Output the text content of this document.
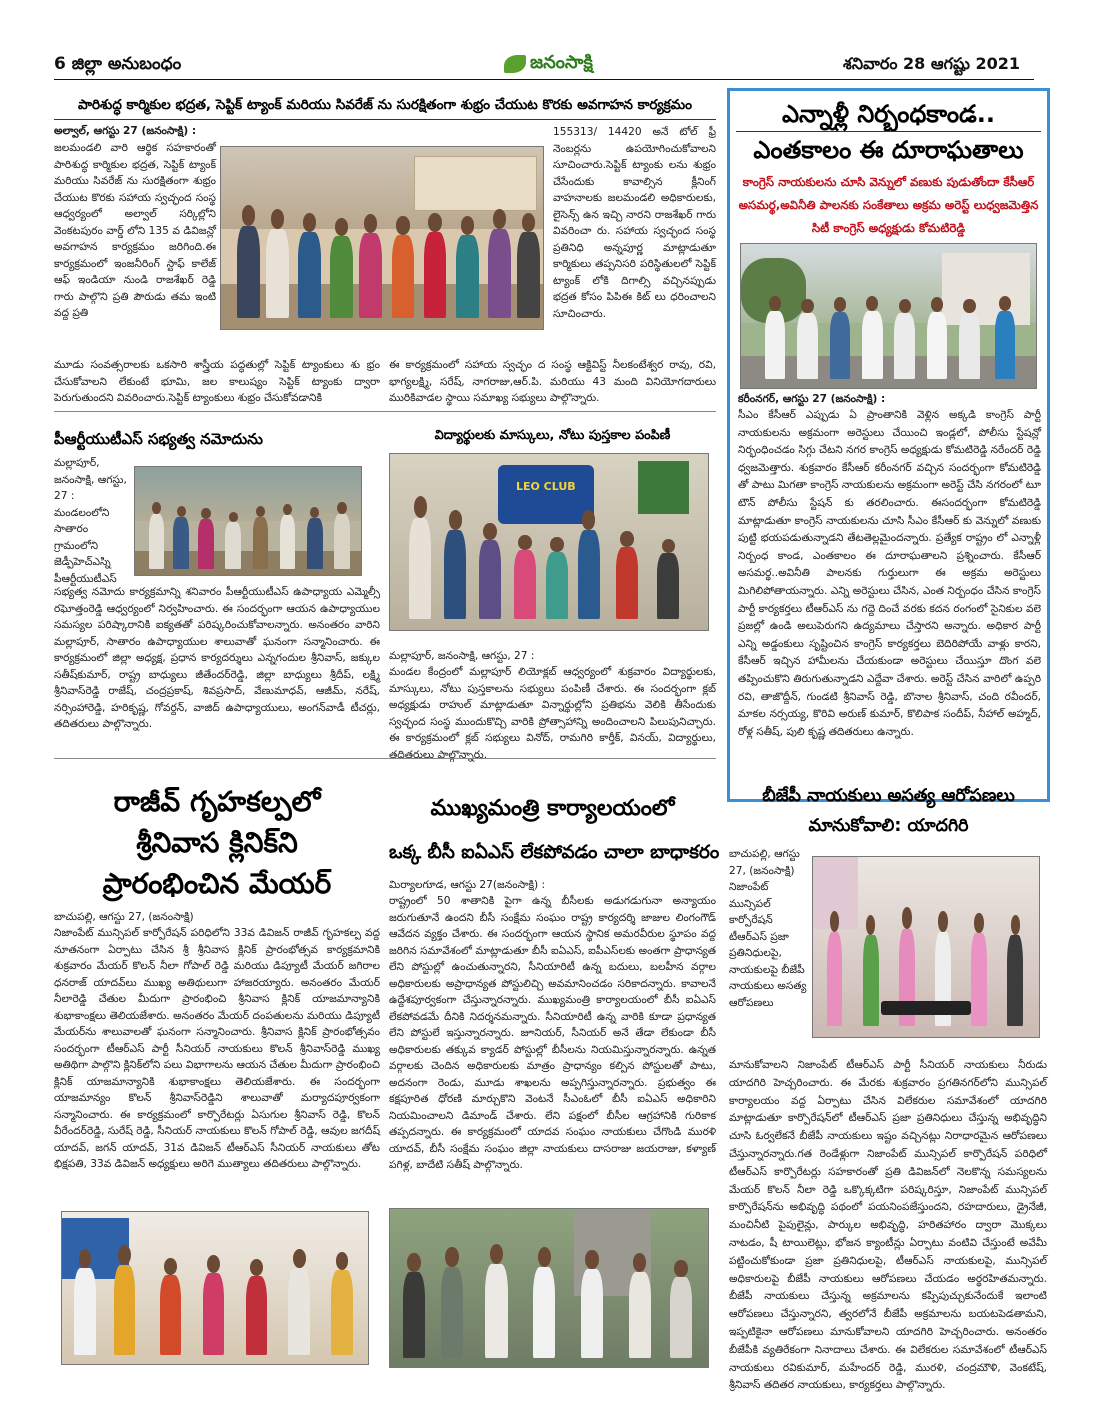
6 జిల్లా అనుబంధం	జనంసాక్షి	శనివారం 28 ఆగష్టు 2021
పారిశుద్ధ కార్మికుల భద్రత, సెప్టిక్ ట్యాంక్ మరియు సివరేజ్ ను సురక్షితంగా శుభ్రం చేయుట కొరకు అవగాహన కార్యక్రమం
అల్వాల్, ఆగస్టు 27 (జనంసాక్షి) :
జలమండలి వారి ఆర్థిక సహకారంతో పారిశుద్ధ కార్మికుల భద్రత, సెప్టిక్ ట్యాంక్ మరియు సివరేజ్ ను సురక్షితంగా శుభ్రం చేయుట కొరకు సహాయ స్వచ్ఛంద సంస్థ ఆధ్వర్యంలో అల్వాల్ సర్కిల్లోని వెంకటపురం వార్డ్ లోని 135 వ డివిజన్లో అవగాహన కార్యక్రమం జరిగింది.ఈ కార్యక్రమంలో ఇంజనీరింగ్ స్టాఫ్ కాలేజ్ ఆఫ్ ఇండియా నుండి రాజశేఖర్ రెడ్డి గారు పాల్గొని ప్రతి పౌరుడు తమ ఇంటి వద్ద ప్రతి
155313/ 14420 అనే టోల్ ఫ్రీ నెంబర్లను ఉపయోగించుకోవాలని సూచించారు.సెప్టిక్ ట్యాంకు లను శుభ్రం చేసేందుకు కావాల్సిన క్లీనింగ్ వాహనాలకు జలమండలి అధికారులకు, లైసెన్స్ ఉన ఇచ్చి నారని రాజశేఖర్ గారు వివరించా రు. సహాయ స్వచ్ఛంద సంస్థ ప్రతినిధి అన్నపూర్ణ మాట్లాడుతూ కార్మికులు తప్పనిసరి పరిస్థితులలో సెప్టిక్ ట్యాంక్ లోకి దిగాల్సి వచ్చినప్పుడు భద్రత కోసం పిపిఈ కిట్ లు ధరించాలని సూచించారు.
మూడు సంవత్సరాలకు ఒకసారి శాస్త్రీయ పద్ధతుల్లో సెప్టిక్ ట్యాంకులు శు భ్రం చేసుకోవాలని లేకుంటే భూమి, జల కాలుష్యం సెప్టిక్ ట్యాంకు ద్వారా పెరుగుతుందని వివరించారు.సెప్టిక్ ట్యాంకులు శుభ్రం చేసుకోవడానికి
ఈ కార్యక్రమంలో సహాయ స్వచ్ఛం ద సంస్థ ఆక్టివిస్ట్ నీలకంటేశ్వర రావు, రవి, భాగ్యలక్ష్మి, సరేష్, నాగరాజు,ఆర్.పి. మరియు 43 మంది వినియోగదారులు మురికివాడల స్థాయి సమాఖ్య సభ్యులు పాల్గొన్నారు.
పీఆర్టీయుటీఎస్ సభ్యత్వ నమోదును
మల్లాపూర్, జనంసాక్షి, ఆగస్టు, 27 : మండలంలోని సాతారం గ్రామంలోని జెడ్పీహెచ్ఎస్ని పీఆర్టీయుటీఎస్
సభ్యత్వ నమోదు కార్యక్రమాన్ని శనివారం పీఆర్టీయుటీఎస్ ఉపాధ్యాయ ఎమ్మెల్సీ రఘోత్తంరెడ్డి ఆధ్వర్యంలో నిర్వహించారు. ఈ సందర్భంగా ఆయన ఉపాధ్యాయుల సమస్యల పరిష్కారానికి ఐక్యతతో పరిష్కరించుకోవాలన్నారు. అనంతరం వారిని మల్లాపూర్, సాతారం ఉపాధ్యాయుల శాలువాతో ఘనంగా సన్మానించారు. ఈ కార్యక్రమంలో జిల్లా అధ్యక్ష, ప్రధాన కార్యదర్శులు ఎన్నగందుల శ్రీనివాస్, జక్కుల సతీష్‌కుమార్, రాష్ట్ర బాధ్యులు జీతేందర్‌రెడ్డి, జిల్లా బాధ్యులు శ్రీదీప్, లక్ష్మి శ్రీనివాస్‌రెడ్డి రాజేష్, చంద్రప్రకాష్, శివప్రసాద్, వేణుమాధవ్, ఆజీమ్, నరేష్, నర్సింహారెడ్డి, హరికృష్ణ, గోవర్దన్, వాజిద్ ఉపాధ్యాయులు, అంగన్‌వాడీ టీచర్లు, తదితరులు పాల్గొన్నారు.
విద్యార్థులకు మాస్కులు, నోటు పుస్తకాల పంపిణీ
LEO CLUB
మల్లాపూర్, జనంసాక్షి, ఆగస్టు, 27 :
మండల కేంద్రంలో మల్లాపూర్ లియోక్లబ్ ఆధ్వర్యంలో శుక్రవారం విద్యార్థులకు, మాస్కులు, నోటు పుస్తకాలను సభ్యులు పంపిణీ చేశారు. ఈ సందర్భంగా క్లబ్ అధ్యక్షుడు రాహుల్ మాట్లాడుతూ విన్నార్థుల్లోని ప్రతిభను వెలికి తీసేందుకు స్వచ్ఛంద సంస్థ ముందుకొచ్చి వారికి ప్రోత్సాహాన్ని అందించాలని పిలుపునిచ్చారు. ఈ కార్యక్రమంలో క్లబ్ సభ్యులు వినోద్, రామగిరి కార్తీక్, వినయ్, విద్యార్థులు, తదితరులు పాల్గొన్నారు.
ఎన్నాళ్లీ నిర్బంధకాండ..
ఎంతకాలం ఈ దూరాఘతాలు
కాంగ్రెస్ నాయకులను చూసి వెన్నులో వణుకు పుడుతోందా కేసీఆర్
అసమర్థ,అవినీతి పాలనకు సంకేతాలు అక్రమ అరెస్ట్ లుధ్వజమెత్తిన
సిటీ కాంగ్రెస్ అధ్యక్షుడు కోమటిరెడ్డి
కరీంనగర్, ఆగస్టు 27 (జనంసాక్షి) :
సీఎం కేసీఆర్ ఎప్పుడు ఏ ప్రాంతానికి వెళ్లిన అక్కడి కాంగ్రెస్ పార్టీ నాయకులను అక్రమంగా అరెస్టులు చేయించి ఇండ్లలో, పోలీసు స్టేషన్లో నిర్భంధించడం సిగ్గు చేటని నగర కాంగ్రెస్ అధ్యక్షుడు కోమటిరెడ్డి నరేందర్ రెడ్డి ధ్వజమెత్తారు. శుక్రవారం కేసీఆర్ కరీంనగర్ వచ్చిన సందర్భంగా కోమటిరెడ్డి తో పాటు మిగతా కాంగ్రెస్ నాయకులను అక్రమంగా అరెస్ట్ చేసి నగరంలో టూ టౌన్ పోలీసు స్టేషన్ కు తరలించారు. ఈసందర్భంగా కోమటిరెడ్డి మాట్లాడుతూ కాంగ్రెస్ నాయకులను చూసి సీఎం కేసీఆర్ కు వెన్నులో వణుకు పుట్టి భయపడుతున్నాడని తేటతెల్లమైందన్నారు. ప్రత్యేక రాష్ట్రం లో ఎన్నాళ్లీ నిర్బంధ కాండ, ఎంతకాలం ఈ దూరాఘతాలని ప్రశ్నించారు. కేసీఆర్ అసమర్థ..అవినీతి పాలనకు గుర్తులుగా ఈ అక్రమ అరెస్టులు మిగిలిపోతాయన్నారు. ఎన్ని అరెస్టులు చేసిన, ఎంత నిర్బంధం చేసిన కాంగ్రెస్ పార్టీ కార్యకర్తలు టీఆర్ఎస్ ను గద్దె దించే వరకు కదన రంగంలో సైనికుల వలె ప్రజల్లో ఉండి అలుపెరుగని ఉద్యమాలు చేస్తారని అన్నారు. అధికార పార్టీ ఎన్ని అడ్డంకులు సృష్టించిన కాంగ్రెస్ కార్యకర్తలు బెదిరిపోయే వాళ్లు కారని, కేసీఆర్ ఇచ్చిన హామీలను చేయకుండా అరెస్టులు చేయిస్తూ దొంగ వలె తప్పించుకొని తిరుగుతున్నాడని ఎద్దేవా చేశారు. అరెస్ట్ చేసిన వారిలో ఉప్పరి రవి, తాజొద్దీన్, గుండటి శ్రీనివాస్ రెడ్డి, బొనాల శ్రీనివాస్, చంది రవీందర్, మాకల నర్సయ్య, కొరివి అరుణ్ కుమార్, కొలిపాక సందీప్, నీహాల్ అహ్మద్, రోళ్ల సతీష్, పులి కృష్ణ తదితరులు ఉన్నారు.
రాజీవ్ గృహకల్పలో
శ్రీనివాస క్లినిక్‌ని
ప్రారంభించిన మేయర్
బాచుపల్లి, ఆగస్టు 27, (జనంసాక్షి)
నిజాంపేట్ మున్సిపల్ కార్పోరేషన్ పరిధిలోని 33వ డివిజన్ రాజీవ్ గృహకల్ప వద్ద నూతనంగా ఏర్పాటు చేసిన శ్రీ శ్రీనివాస క్లినిక్ ప్రారంభోత్సవ కార్యక్రమానికి శుక్రవారం మేయర్ కొలన్ నీలా గోపాల్ రెడ్డి మరియు డిప్యూటీ మేయర్ జగిరాల ధనరాజ్ యాదవ్‌లు ముఖ్య అతిథులుగా హాజరయ్యారు. అనంతరం మేయర్ నీలారెడ్డి చేతుల మీదుగా ప్రారంభించి శ్రీనివాస క్లినిక్ యాజమాన్యానికి శుభాకాంక్షలు తెలియజేశారు. అనంతరం మేయర్ దంపతులను మరియు డిప్యూటీ మేయర్‌ను శాలువాలతో ఘనంగా సన్మానించారు. శ్రీనివాస క్లినిక్ ప్రారంభోత్సవం సందర్భంగా టీఆర్ఎస్ పార్టీ సీనియర్ నాయకులు కొలన్ శ్రీనివాస్‌రెడ్డి ముఖ్య అతిథిగా పాల్గొని క్లినిక్‌లోని పలు విభాగాలను ఆయన చేతుల మీదుగా ప్రారంభించి క్లినిక్ యాజమాన్యానికి శుభాకాంక్షలు తెలియజేశారు. ఈ సందర్భంగా యాజమాన్యం కొలన్ శ్రీనివాస్‌రెడ్డిని శాలువాతో మర్యాదపూర్వకంగా సన్మానించారు. ఈ కార్యక్రమంలో కార్పొరేటర్లు ఏసుగుల శ్రీనివాస్ రెడ్డి, కొలన్ వీరేందర్‌రెడ్డి, సురేష్ రెడ్డి, సీనియర్ నాయకులు కొలన్ గోపాల్ రెడ్డి, ఆవుల జగదీష్ యాదవ్, జగన్ యాదవ్, 31వ డివిజన్ టీఆర్ఎస్ సీనియర్ నాయకులు తోట భిక్షపతి, 33వ డివిజన్ అధ్యక్షులు అరిగె ముత్యాలు తదితరులు పాల్గొన్నారు.
ముఖ్యమంత్రి కార్యాలయంలో
ఒక్క బీసీ ఐఏఎస్ లేకపోవడం చాలా బాధాకరం
మిర్యాలగూడ, ఆగస్టు 27(జనంసాక్షి) :
రాష్ట్రంలో 50 శాతానికి పైగా ఉన్న బీసీలకు అడుగడుగునా అన్యాయం జరుగుతూనే ఉందని బీసీ సంక్షేమ సంఘం రాష్ట్ర కార్యదర్శి జాజుల లింగంగౌడ్ ఆవేదన వ్యక్తం చేశారు. ఈ సందర్భంగా ఆయన స్థానిక అమరవీరుల స్థూపం వద్ద జరిగిన సమావేశంలో మాట్లాడుతూ బీసీ ఐఏఎస్, ఐపీఎస్‌లకు అంతగా ప్రాధాన్యత లేని పోస్టుల్లో ఉంచుతున్నారని, సీనియారిటీ ఉన్న బదులు, బలహీన వర్గాల అధికారులకు అప్రాధాన్యత పోస్టులిచ్చి అవమానించడం సరికాదన్నారు. కావాలనే ఉద్దేశపూర్వకంగా చేస్తున్నారన్నారు. ముఖ్యమంత్రి కార్యాలయంలో బీసీ ఐఏఎస్ లేకపోవడమే దీనికి నిదర్శనమన్నారు. సీనియారిటీ ఉన్న వారికి కూడా ప్రధాన్యత లేని పోస్టులే ఇస్తున్నారన్నారు. జూనియర్, సీనియర్ అనే తేడా లేకుండా బీసీ అధికారులకు తక్కువ క్యాడర్ పోస్టుల్లో బీసీలను నియమిస్తున్నారన్నారు. ఉన్నత వర్గాలకు చెందిన అధికారులకు మాత్రం ప్రాధాన్యం కల్పిన పోస్టులతో పాటు, అదనంగా రెండు, మూడు శాఖలను అప్పగిస్తున్నారన్నారు. ప్రభుత్వం ఈ కక్షపూరిత ధోరణి మార్చుకొని వెంటనే సీఎంఓలో బీసీ ఐఏఎస్ అధికారిని నియమించాలని డిమాండ్ చేశారు. లేని పక్షంలో బీసీల ఆగ్రహానికి గురికాక తప్పదన్నారు. ఈ కార్యక్రమంలో యాదవ సంఘం నాయకులు చేగొండి మురళి యాదవ్, బీసీ సంక్షేమ సంఘం జిల్లా నాయకులు దాసరాజు జయరాజు, కళ్యాణ్ పగిళ్ల, బాదేటి సతీష్ పాల్గొన్నారు.
బీజేపీ నాయకులు అసత్య ఆరోపణలు
మానుకోవాలి: యాదగిరి
బాచుపల్లి, ఆగస్టు 27, (జనంసాక్షి) నిజాంపేట్ మున్సిపల్ కార్పోరేషన్ టీఆర్ఎస్ ప్రజా ప్రతినిధులపై, నాయకులపై బీజేపీ నాయకులు అసత్య ఆరోపణలు
మానుకోవాలని నిజాంపేట్ టీఆర్ఎస్ పార్టీ సీనియర్ నాయకులు నీరుడు యాదగిరి హెచ్చరించారు. ఈ మేరకు శుక్రవారం ప్రగతినగర్‌లోని మున్సిపల్ కార్యాలయం వద్ద ఏర్పాటు చేసిన విలేకరుల సమావేశంలో యాదగిరి మాట్లాడుతూ కార్పొరేషన్‌లో టీఆర్ఎస్ ప్రజా ప్రతినిధులు చేస్తున్న అభివృద్ధిని చూసి ఓర్వలేకనే బీజేపీ నాయకులు ఇష్టం వచ్చినట్లు నిరాధారమైన ఆరోపణలు చేస్తున్నారన్నారు.గత రెండేళ్లుగా నిజాంపేట్ మున్సిపల్ కార్పొరేషన్ పరిధిలో టీఆర్ఎస్ కార్పొరేటర్లు సహకారంతో ప్రతి డివిజన్‌లో నెలకొన్న సమస్యలను మేయర్ కొలన్ నీలా రెడ్డి ఒక్కొక్కటిగా పరిష్కరిస్తూ, నిజాంపేట్ మున్సిపల్ కార్పొరేషన్‌ను అభివృద్ధి పథంలో పయనింపజేస్తుందని, రహదారులు, డ్రైనేజీ, మంచినీటి పైపులైన్లు, పార్కుల అభివృద్ధి, హరితహారం ద్వారా మొక్కలు నాటడం, షీ టాయిలెట్లు, భోజన క్యాంటీన్లు ఏర్పాటు వంటివి చేస్తుంటే అవేమీ పట్టించుకోకుండా ప్రజా ప్రతినిధులపై, టీఆర్ఎస్ నాయకులపై, మున్సిపల్ అధికారులపై బీజేపీ నాయకులు ఆరోపణలు చేయడం అర్థరహితమన్నారు. బీజేపీ నాయకులు చేస్తున్న అక్రమాలను కప్పిపుచ్చుకునేందుకే ఇలాంటి ఆరోపణలు చేస్తున్నారని, త్వరలోనే బీజేపీ అక్రమాలను బయటపెడతామని, ఇప్పటికైనా ఆరోపణలు మానుకోవాలని యాదగిరి హెచ్చరించారు. అనంతరం బీజేపీకి వ్యతిరేకంగా నినాదాలు చేశారు. ఈ విలేకరుల సమావేశంలో టీఆర్ఎస్ నాయకులు రవికుమార్, మహేందర్ రెడ్డి, మురళి, చంద్రమౌళి, వెంకటేష్, శ్రీనివాస్ తదితర నాయకులు, కార్యకర్తలు పాల్గొన్నారు.
